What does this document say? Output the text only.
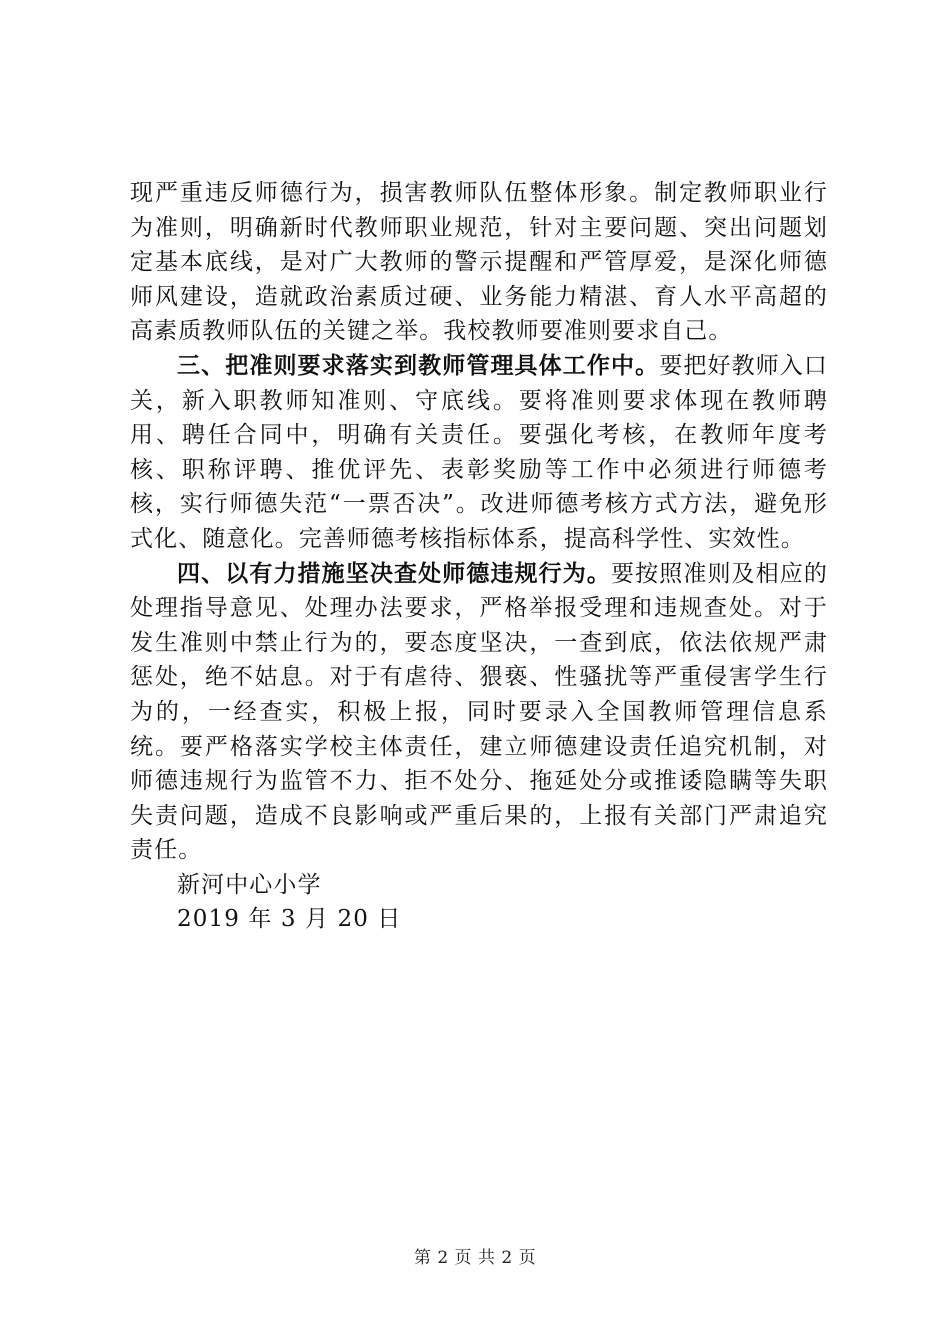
现严重违反师德行为，损害教师队伍整体形象。制定教师职业行为准则，明确新时代教师职业规范，针对主要问题、突出问题划定基本底线，是对广大教师的警示提醒和严管厚爱，是深化师德师风建设，造就政治素质过硬、业务能力精湛、育人水平高超的高素质教师队伍的关键之举。我校教师要准则要求自己。

三、把准则要求落实到教师管理具体工作中。要把好教师入口关，新入职教师知准则、守底线。要将准则要求体现在教师聘用、聘任合同中，明确有关责任。要强化考核，在教师年度考核、职称评聘、推优评先、表彰奖励等工作中必须进行师德考核，实行师德失范“一票否决”。改进师德考核方式方法，避免形式化、随意化。完善师德考核指标体系，提高科学性、实效性。

四、以有力措施坚决查处师德违规行为。要按照准则及相应的处理指导意见、处理办法要求，严格举报受理和违规查处。对于发生准则中禁止行为的，要态度坚决，一查到底，依法依规严肃惩处，绝不姑息。对于有虐待、猥亵、性骚扰等严重侵害学生行为的，一经查实，积极上报，同时要录入全国教师管理信息系统。要严格落实学校主体责任，建立师德建设责任追究机制，对师德违规行为监管不力、拒不处分、拖延处分或推诿隐瞒等失职失责问题，造成不良影响或严重后果的，上报有关部门严肃追究责任。

新河中心小学

2019 年 3 月 20 日

第 2 页 共 2 页
